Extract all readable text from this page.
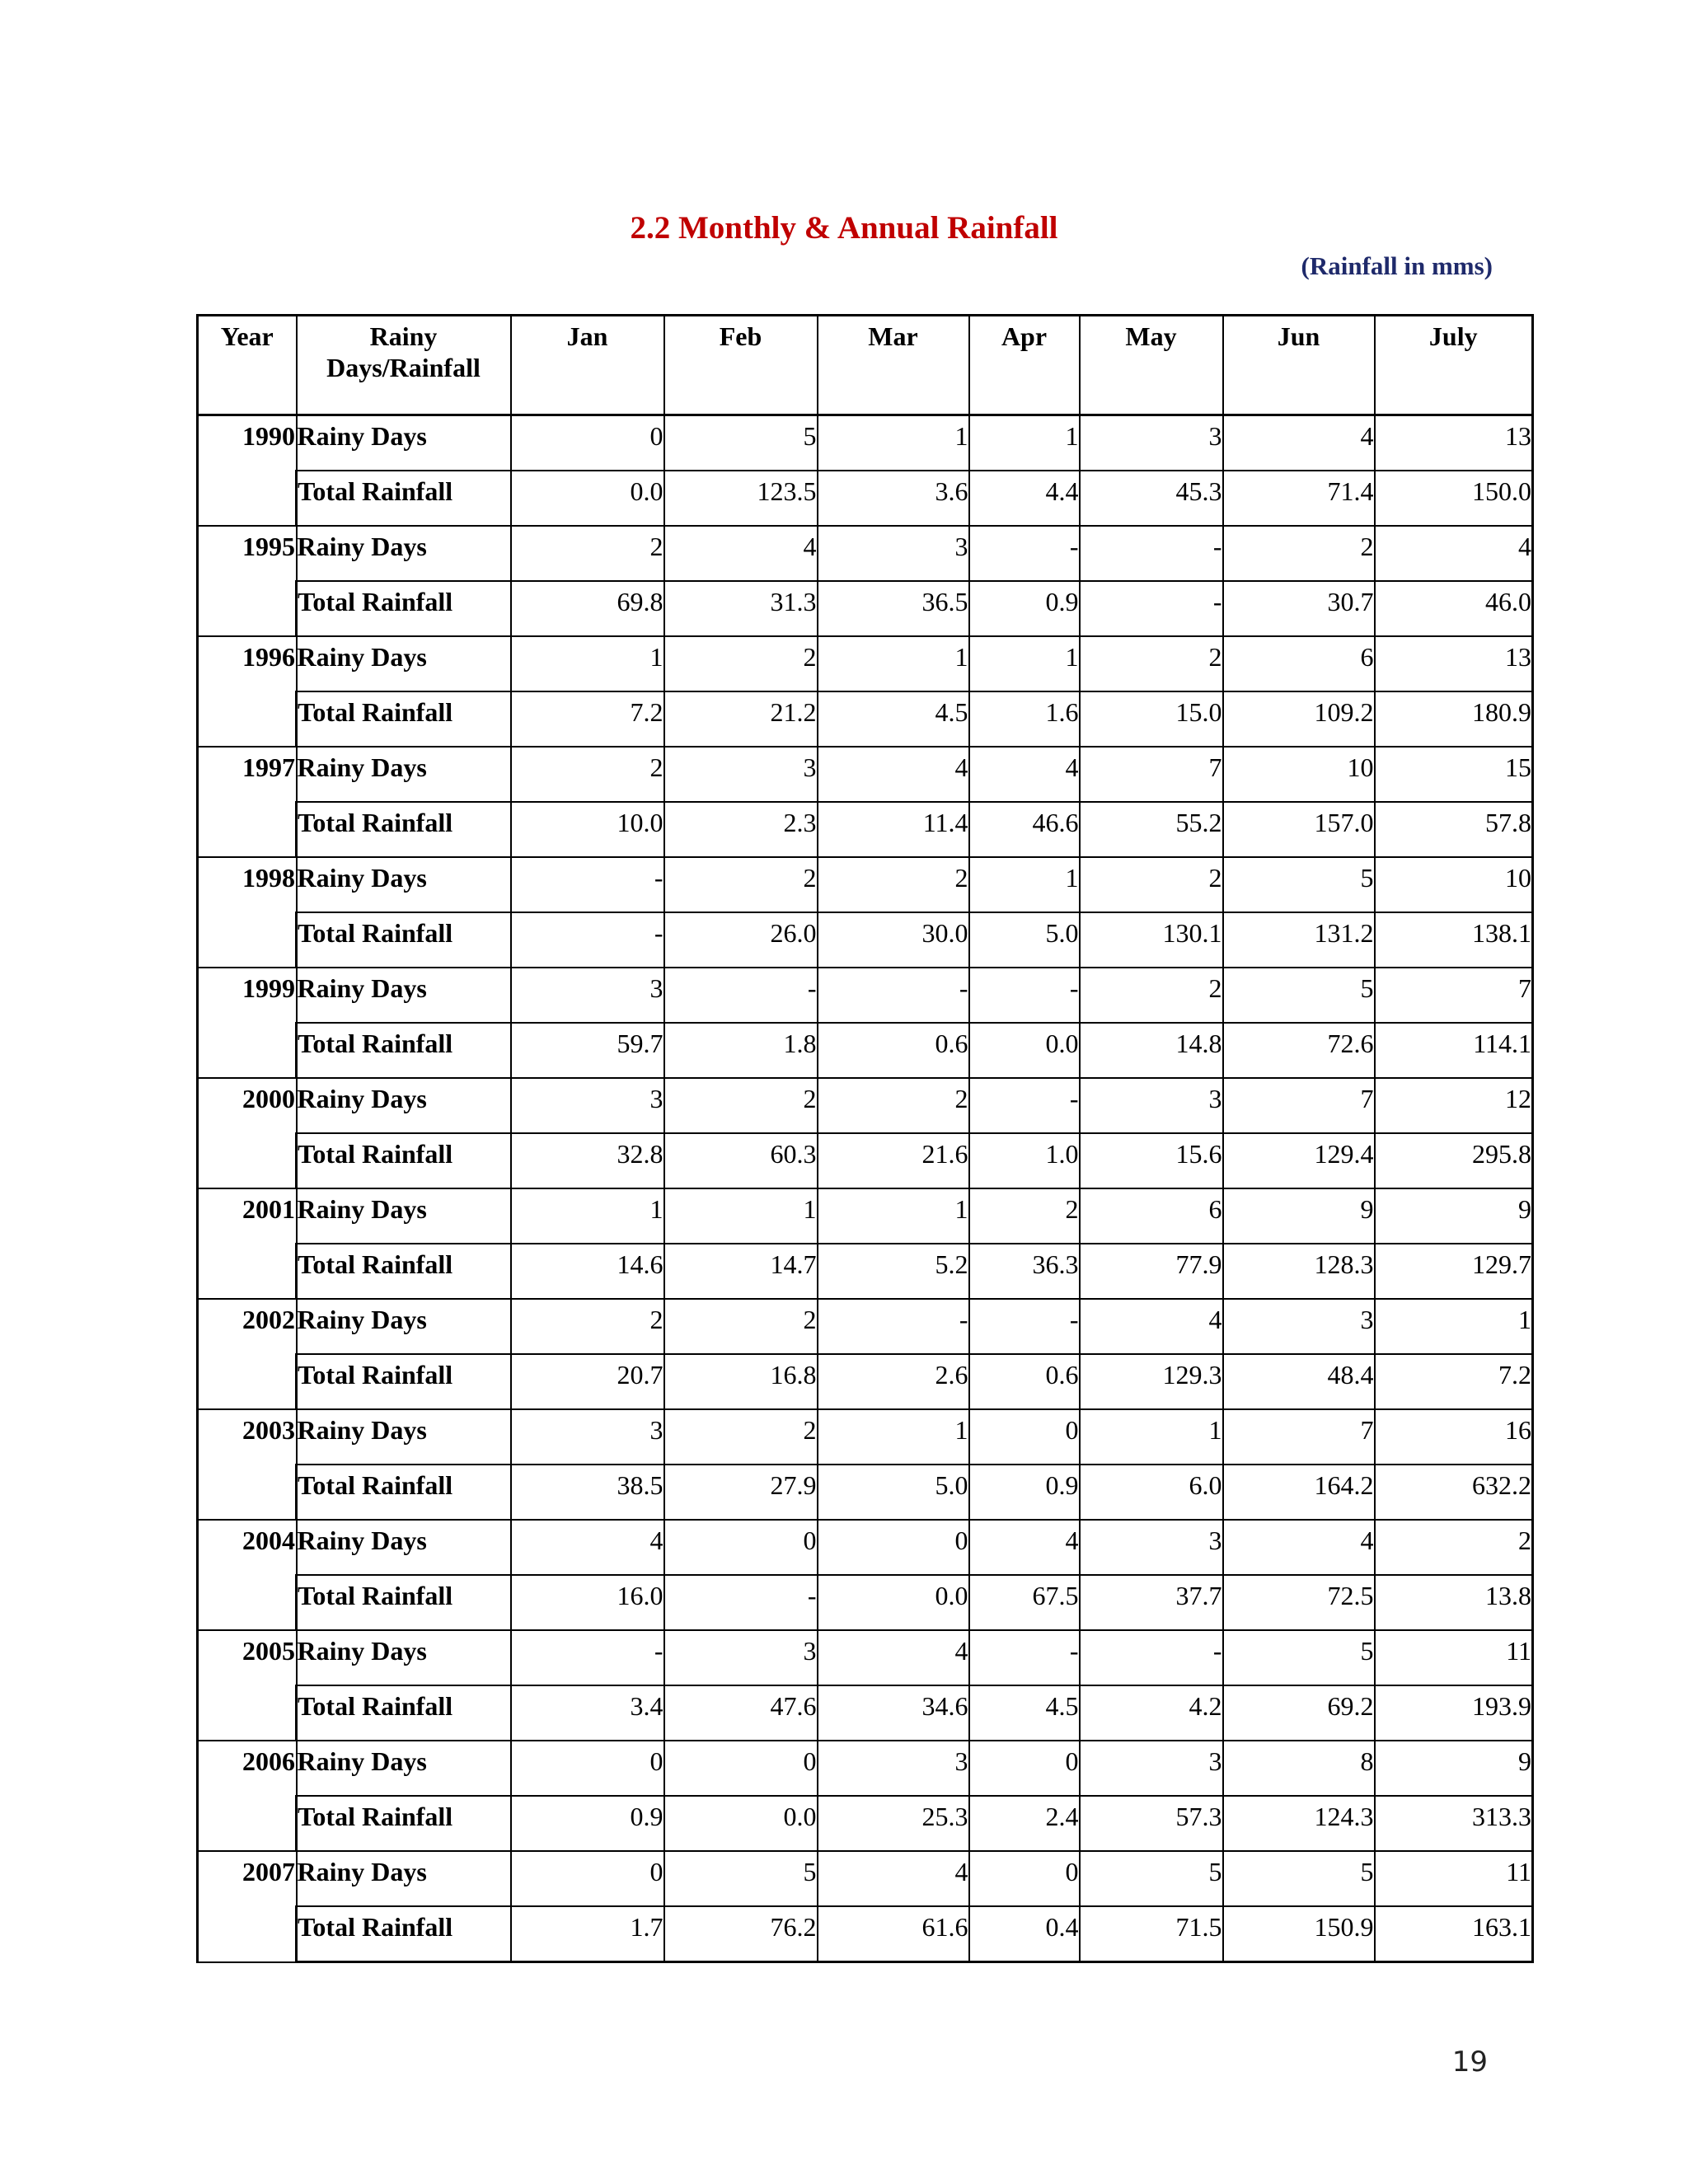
2.2 Monthly & Annual Rainfall
(Rainfall in mms)
Year	Rainy Days/Rainfall	Jan	Feb	Mar	Apr	May	Jun	July
1990	Rainy Days	0	5	1	1	3	4	13
	Total Rainfall	0.0	123.5	3.6	4.4	45.3	71.4	150.0
1995	Rainy Days	2	4	3	-	-	2	4
	Total Rainfall	69.8	31.3	36.5	0.9	-	30.7	46.0
1996	Rainy Days	1	2	1	1	2	6	13
	Total Rainfall	7.2	21.2	4.5	1.6	15.0	109.2	180.9
1997	Rainy Days	2	3	4	4	7	10	15
	Total Rainfall	10.0	2.3	11.4	46.6	55.2	157.0	57.8
1998	Rainy Days	-	2	2	1	2	5	10
	Total Rainfall	-	26.0	30.0	5.0	130.1	131.2	138.1
1999	Rainy Days	3	-	-	-	2	5	7
	Total Rainfall	59.7	1.8	0.6	0.0	14.8	72.6	114.1
2000	Rainy Days	3	2	2	-	3	7	12
	Total Rainfall	32.8	60.3	21.6	1.0	15.6	129.4	295.8
2001	Rainy Days	1	1	1	2	6	9	9
	Total Rainfall	14.6	14.7	5.2	36.3	77.9	128.3	129.7
2002	Rainy Days	2	2	-	-	4	3	1
	Total Rainfall	20.7	16.8	2.6	0.6	129.3	48.4	7.2
2003	Rainy Days	3	2	1	0	1	7	16
	Total Rainfall	38.5	27.9	5.0	0.9	6.0	164.2	632.2
2004	Rainy Days	4	0	0	4	3	4	2
	Total Rainfall	16.0	-	0.0	67.5	37.7	72.5	13.8
2005	Rainy Days	-	3	4	-	-	5	11
	Total Rainfall	3.4	47.6	34.6	4.5	4.2	69.2	193.9
2006	Rainy Days	0	0	3	0	3	8	9
	Total Rainfall	0.9	0.0	25.3	2.4	57.3	124.3	313.3
2007	Rainy Days	0	5	4	0	5	5	11
	Total Rainfall	1.7	76.2	61.6	0.4	71.5	150.9	163.1
19
